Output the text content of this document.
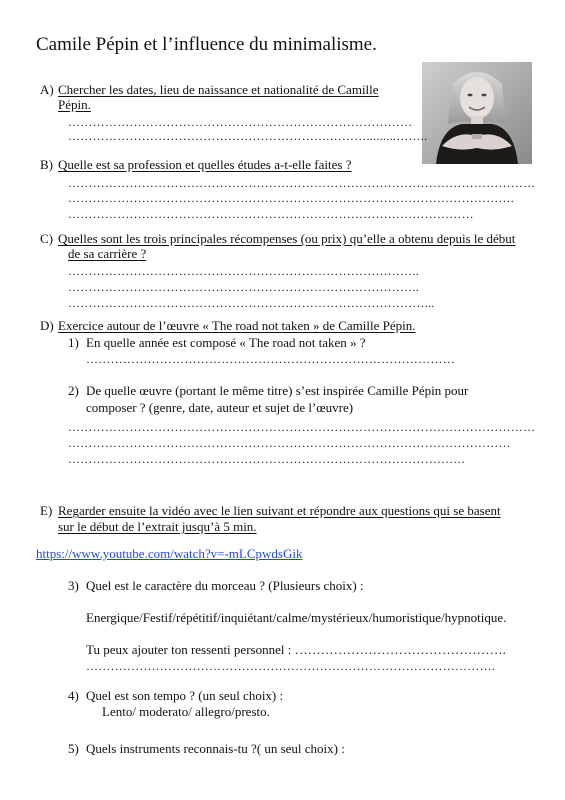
Camile Pépin et l’influence du minimalisme.
A) Chercher les dates, lieu de naissance et nationalité de Camille
Pépin.
…………………………………………………………………………
……………………………………………………….……….........……..
B) Quelle est sa profession et quelles études a-t-elle faites ?
……………………………………………………………………………………………………
……………………………………………………………………………………………….
………………………………………………………………………………………
C) Quelles sont les trois principales récompenses (ou prix) qu’elle a obtenu depuis le début
de sa carrière ?
…………………………………………………………………………..
…………………………………………………………………………..
……………………………………………………………………………...
D) Exercice autour de l’œuvre « The road not taken » de Camille Pépin.
1) En quelle année est composé « The road not taken » ?
………………………………………………………………………………
2) De quelle œuvre (portant le même titre) s’est inspirée Camille Pépin pour
composer ? (genre, date, auteur et sujet de l’œuvre)
……………………………………………………………………………………………………
………………………………………………………………………………………………
…………………………………………………………………………………….
E) Regarder ensuite la vidéo avec le lien suivant et répondre aux questions qui se basent
sur le début de l’extrait jusqu’à 5 min.
https://www.youtube.com/watch?v=-mLCpwdsGik
3) Quel est le caractère du morceau ? (Plusieurs choix) :
Energique/Festif/répétitif/inquiétant/calme/mystérieux/humoristique/hypnotique.
Tu peux ajouter ton ressenti personnel : ………………………………………….
……………………………………………………………………………………….
4) Quel est son tempo ? (un seul choix) :
Lento/ moderato/ allegro/presto.
5) Quels instruments reconnais-tu ?( un seul choix) :
